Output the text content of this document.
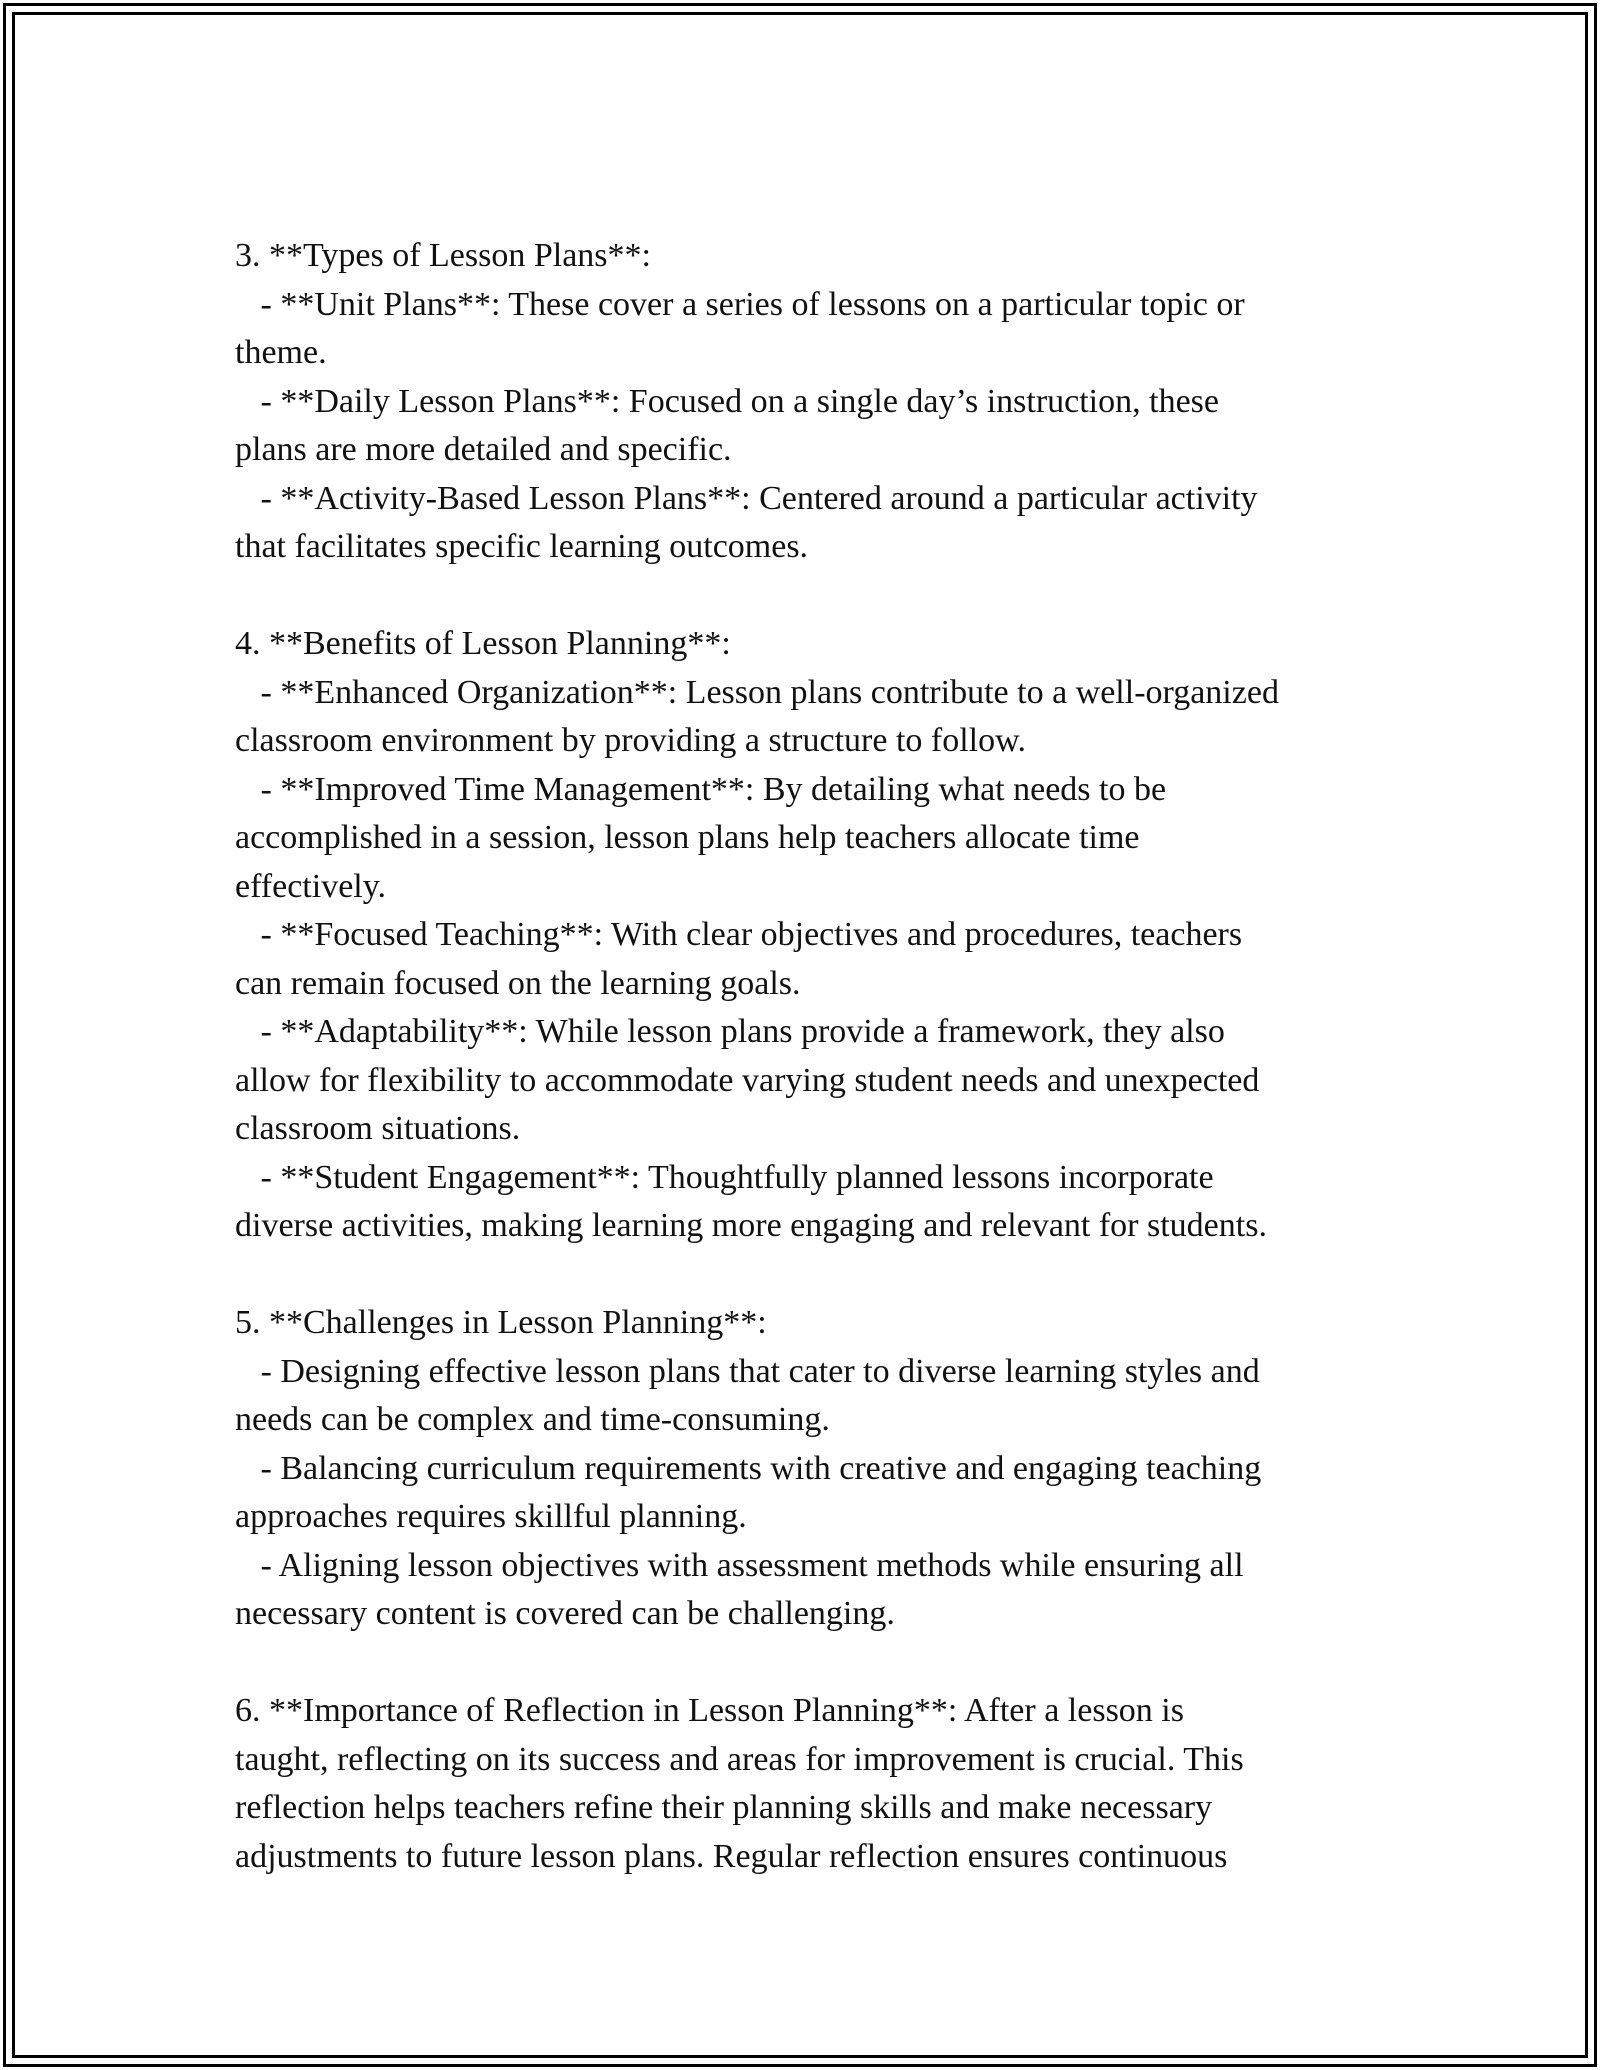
3. **Types of Lesson Plans**:

- **Unit Plans**: These cover a series of lessons on a particular topic or

theme.

- **Daily Lesson Plans**: Focused on a single day’s instruction, these

plans are more detailed and specific.

- **Activity-Based Lesson Plans**: Centered around a particular activity

that facilitates specific learning outcomes.

4. **Benefits of Lesson Planning**:

- **Enhanced Organization**: Lesson plans contribute to a well-organized

classroom environment by providing a structure to follow.

- **Improved Time Management**: By detailing what needs to be

accomplished in a session, lesson plans help teachers allocate time

effectively.

- **Focused Teaching**: With clear objectives and procedures, teachers

can remain focused on the learning goals.

- **Adaptability**: While lesson plans provide a framework, they also

allow for flexibility to accommodate varying student needs and unexpected

classroom situations.

- **Student Engagement**: Thoughtfully planned lessons incorporate

diverse activities, making learning more engaging and relevant for students.

5. **Challenges in Lesson Planning**:

- Designing effective lesson plans that cater to diverse learning styles and

needs can be complex and time-consuming.

- Balancing curriculum requirements with creative and engaging teaching

approaches requires skillful planning.

- Aligning lesson objectives with assessment methods while ensuring all

necessary content is covered can be challenging.

6. **Importance of Reflection in Lesson Planning**: After a lesson is

taught, reflecting on its success and areas for improvement is crucial. This

reflection helps teachers refine their planning skills and make necessary

adjustments to future lesson plans. Regular reflection ensures continuous
